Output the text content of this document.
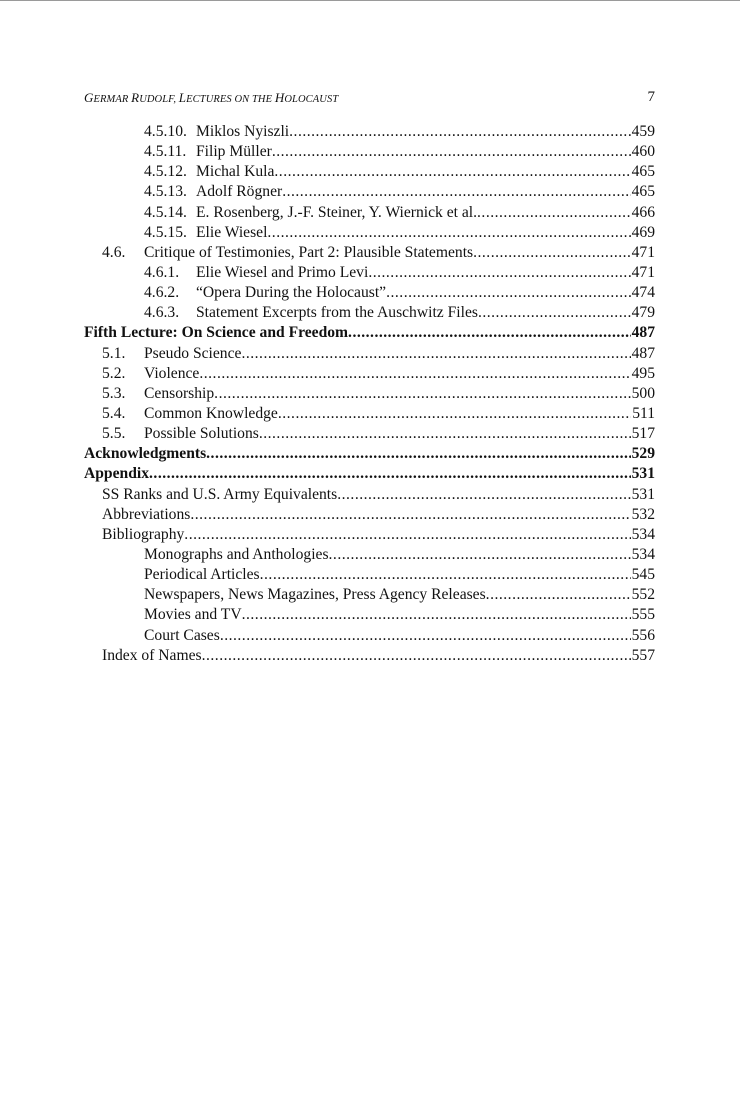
GERMAR RUDOLF, LECTURES ON THE HOLOCAUST	7
4.5.10. Miklos Nyiszli .....	459
4.5.11. Filip Müller .....	460
4.5.12. Michal Kula .....	465
4.5.13. Adolf Rögner .....	465
4.5.14. E. Rosenberg, J.-F. Steiner, Y. Wiernick et al. .....	466
4.5.15. Elie Wiesel .....	469
4.6. Critique of Testimonies, Part 2: Plausible Statements .....	471
4.6.1. Elie Wiesel and Primo Levi .....	471
4.6.2. “Opera During the Holocaust” .....	474
4.6.3. Statement Excerpts from the Auschwitz Files .....	479
Fifth Lecture: On Science and Freedom .....	487
5.1. Pseudo Science .....	487
5.2. Violence .....	495
5.3. Censorship .....	500
5.4. Common Knowledge .....	511
5.5. Possible Solutions .....	517
Acknowledgments .....	529
Appendix .....	531
SS Ranks and U.S. Army Equivalents .....	531
Abbreviations .....	532
Bibliography .....	534
Monographs and Anthologies .....	534
Periodical Articles .....	545
Newspapers, News Magazines, Press Agency Releases .....	552
Movies and TV .....	555
Court Cases .....	556
Index of Names .....	557
